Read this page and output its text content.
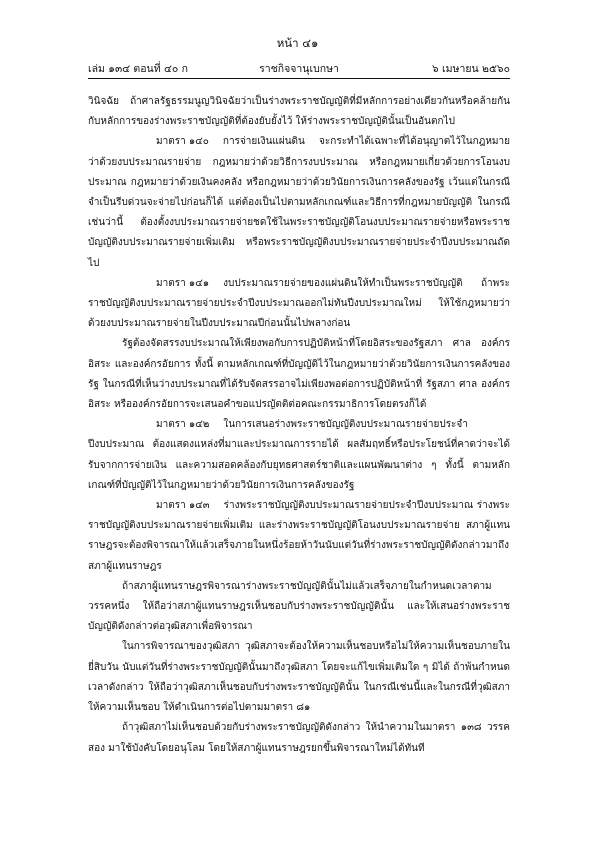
หน้า ๔๑
เล่ม ๑๓๔ ตอนที่ ๔๐ ก	ราชกิจจานุเบกษา	๖ เมษายน ๒๕๖๐

วินิจฉัย ถ้าศาลรัฐธรรมนูญวินิจฉัยว่าเป็นร่างพระราชบัญญัติที่มีหลักการอย่างเดียวกันหรือคล้ายกันกับหลักการของร่างพระราชบัญญัติที่ต้องยับยั้งไว้ ให้ร่างพระราชบัญญัตินั้นเป็นอันตกไป

มาตรา ๑๔๐ การจ่ายเงินแผ่นดิน จะกระทำได้เฉพาะที่ได้อนุญาตไว้ในกฎหมายว่าด้วยงบประมาณรายจ่าย กฎหมายว่าด้วยวิธีการงบประมาณ หรือกฎหมายเกี่ยวด้วยการโอนงบประมาณ กฎหมายว่าด้วยเงินคงคลัง หรือกฎหมายว่าด้วยวินัยการเงินการคลังของรัฐ เว้นแต่ในกรณีจำเป็นรีบด่วนจะจ่ายไปก่อนก็ได้ แต่ต้องเป็นไปตามหลักเกณฑ์และวิธีการที่กฎหมายบัญญัติ ในกรณีเช่นว่านี้ ต้องตั้งงบประมาณรายจ่ายชดใช้ในพระราชบัญญัติโอนงบประมาณรายจ่ายหรือพระราชบัญญัติงบประมาณรายจ่ายเพิ่มเติม หรือพระราชบัญญัติงบประมาณรายจ่ายประจำปีงบประมาณถัดไป

มาตรา ๑๔๑ งบประมาณรายจ่ายของแผ่นดินให้ทำเป็นพระราชบัญญัติ ถ้าพระราชบัญญัติงบประมาณรายจ่ายประจำปีงบประมาณออกไม่ทันปีงบประมาณใหม่ ให้ใช้กฎหมายว่าด้วยงบประมาณรายจ่ายในปีงบประมาณปีก่อนนั้นไปพลางก่อน

รัฐต้องจัดสรรงบประมาณให้เพียงพอกับการปฏิบัติหน้าที่โดยอิสระของรัฐสภา ศาล องค์กรอิสระ และองค์กรอัยการ ทั้งนี้ ตามหลักเกณฑ์ที่บัญญัติไว้ในกฎหมายว่าด้วยวินัยการเงินการคลังของรัฐ ในกรณีที่เห็นว่างบประมาณที่ได้รับจัดสรรอาจไม่เพียงพอต่อการปฏิบัติหน้าที่ รัฐสภา ศาล องค์กรอิสระ หรือองค์กรอัยการจะเสนอคำขอแปรญัตติต่อคณะกรรมาธิการโดยตรงก็ได้

มาตรา ๑๔๒ ในการเสนอร่างพระราชบัญญัติงบประมาณรายจ่ายประจำปีงบประมาณ ต้องแสดงแหล่งที่มาและประมาณการรายได้ ผลสัมฤทธิ์หรือประโยชน์ที่คาดว่าจะได้รับจากการจ่ายเงิน และความสอดคล้องกับยุทธศาสตร์ชาติและแผนพัฒนาต่าง ๆ ทั้งนี้ ตามหลักเกณฑ์ที่บัญญัติไว้ในกฎหมายว่าด้วยวินัยการเงินการคลังของรัฐ

มาตรา ๑๔๓ ร่างพระราชบัญญัติงบประมาณรายจ่ายประจำปีงบประมาณ ร่างพระราชบัญญัติงบประมาณรายจ่ายเพิ่มเติม และร่างพระราชบัญญัติโอนงบประมาณรายจ่าย สภาผู้แทนราษฎรจะต้องพิจารณาให้แล้วเสร็จภายในหนึ่งร้อยห้าวันนับแต่วันที่ร่างพระราชบัญญัติดังกล่าวมาถึงสภาผู้แทนราษฎร

ถ้าสภาผู้แทนราษฎรพิจารณาร่างพระราชบัญญัตินั้นไม่แล้วเสร็จภายในกำหนดเวลาตามวรรคหนึ่ง ให้ถือว่าสภาผู้แทนราษฎรเห็นชอบกับร่างพระราชบัญญัตินั้น และให้เสนอร่างพระราชบัญญัติดังกล่าวต่อวุฒิสภาเพื่อพิจารณา

ในการพิจารณาของวุฒิสภา วุฒิสภาจะต้องให้ความเห็นชอบหรือไม่ให้ความเห็นชอบภายในยี่สิบวัน นับแต่วันที่ร่างพระราชบัญญัตินั้นมาถึงวุฒิสภา โดยจะแก้ไขเพิ่มเติมใด ๆ มิได้ ถ้าพ้นกำหนดเวลาดังกล่าว ให้ถือว่าวุฒิสภาเห็นชอบกับร่างพระราชบัญญัตินั้น ในกรณีเช่นนี้และในกรณีที่วุฒิสภาให้ความเห็นชอบ ให้ดำเนินการต่อไปตามมาตรา ๘๑

ถ้าวุฒิสภาไม่เห็นชอบด้วยกับร่างพระราชบัญญัติดังกล่าว ให้นำความในมาตรา ๑๓๘ วรรคสอง มาใช้บังคับโดยอนุโลม โดยให้สภาผู้แทนราษฎรยกขึ้นพิจารณาใหม่ได้ทันที
